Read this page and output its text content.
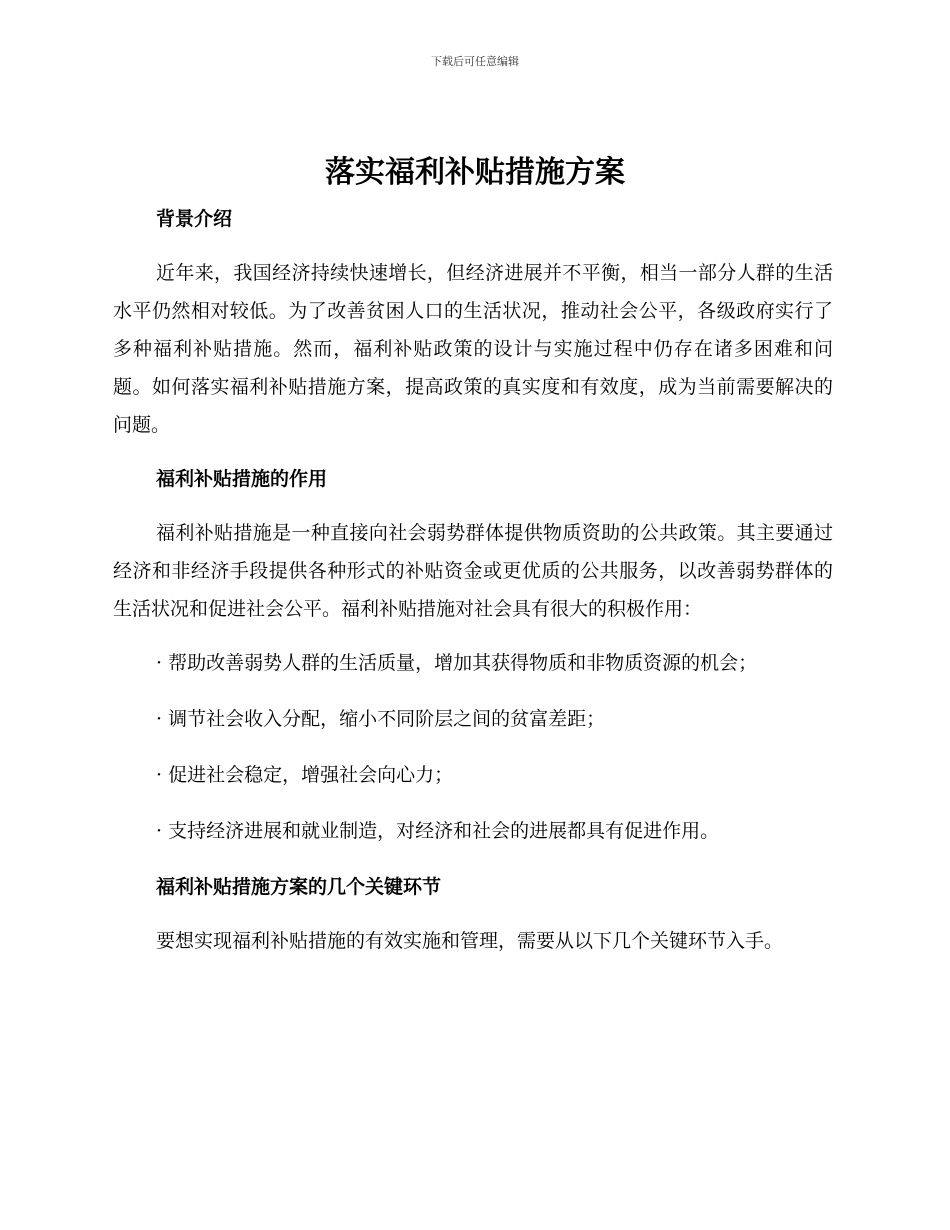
下载后可任意编辑
落实福利补贴措施方案
背景介绍

近年来，我国经济持续快速增长，但经济进展并不平衡，相当一部分人群的生活水平仍然相对较低。为了改善贫困人口的生活状况，推动社会公平，各级政府实行了多种福利补贴措施。然而，福利补贴政策的设计与实施过程中仍存在诸多困难和问题。如何落实福利补贴措施方案，提高政策的真实度和有效度，成为当前需要解决的问题。

福利补贴措施的作用

福利补贴措施是一种直接向社会弱势群体提供物质资助的公共政策。其主要通过经济和非经济手段提供各种形式的补贴资金或更优质的公共服务，以改善弱势群体的生活状况和促进社会公平。福利补贴措施对社会具有很大的积极作用：

· 帮助改善弱势人群的生活质量，增加其获得物质和非物质资源的机会；

· 调节社会收入分配，缩小不同阶层之间的贫富差距；

· 促进社会稳定，增强社会向心力；

· 支持经济进展和就业制造，对经济和社会的进展都具有促进作用。

福利补贴措施方案的几个关键环节

要想实现福利补贴措施的有效实施和管理，需要从以下几个关键环节入手。
